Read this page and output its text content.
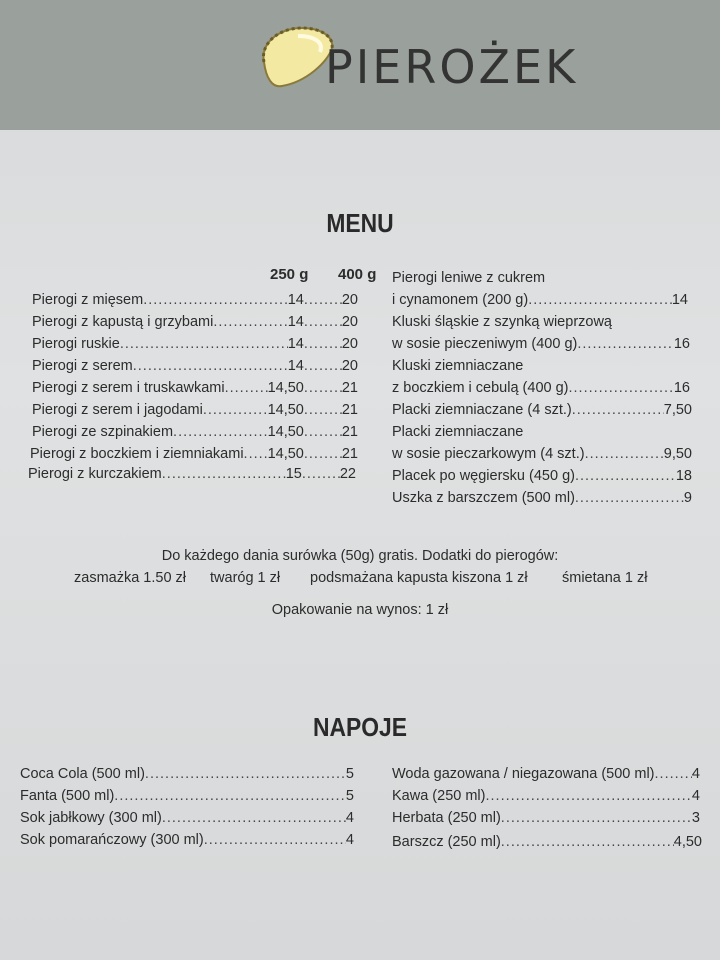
PIEROŻEK
MENU
250 g 400 g
Pierogi z mięsem .....	14 .....	20
Pierogi z kapustą i grzybami .....	14 .....	20
Pierogi ruskie .....	14 .....	20
Pierogi z serem .....	14 .....	20
Pierogi z serem i truskawkami .....	14,50 .....	21
Pierogi z serem i jagodami .....	14,50 .....	21
Pierogi ze szpinakiem .....	14,50 .....	21
Pierogi z boczkiem i ziemniakami ..... 14,50 .....	21
Pierogi z kurczakiem .....	15 .....	22
Pierogi leniwe z cukrem
i cynamonem (200 g) .....	14
Kluski śląskie z szynką wieprzową
w sosie pieczeniwym (400 g) .....	16
Kluski ziemniaczane
z boczkiem i cebulą (400 g) .....	16
Placki ziemniaczane (4 szt.) .....	7,50
Placki ziemniaczane
w sosie pieczarkowym (4 szt.) .....	9,50
Placek po węgiersku (450 g) .....	18
Uszka z barszczem (500 ml) .....	9
Do każdego dania surówka (50g) gratis. Dodatki do pierogów:
zasmażka 1.50 zł twaróg 1 zł podsmażana kapusta kiszona 1 zł śmietana 1 zł
Opakowanie na wynos: 1 zł
NAPOJE
Coca Cola (500 ml) .....	5
Fanta (500 ml) .....	5
Sok jabłkowy (300 ml) .....	4
Sok pomarańczowy (300 ml) .....	4
Woda gazowana / niegazowana (500 ml) .....	4
Kawa (250 ml) .....	4
Herbata (250 ml) .....	3
Barszcz (250 ml) .....	4,50
